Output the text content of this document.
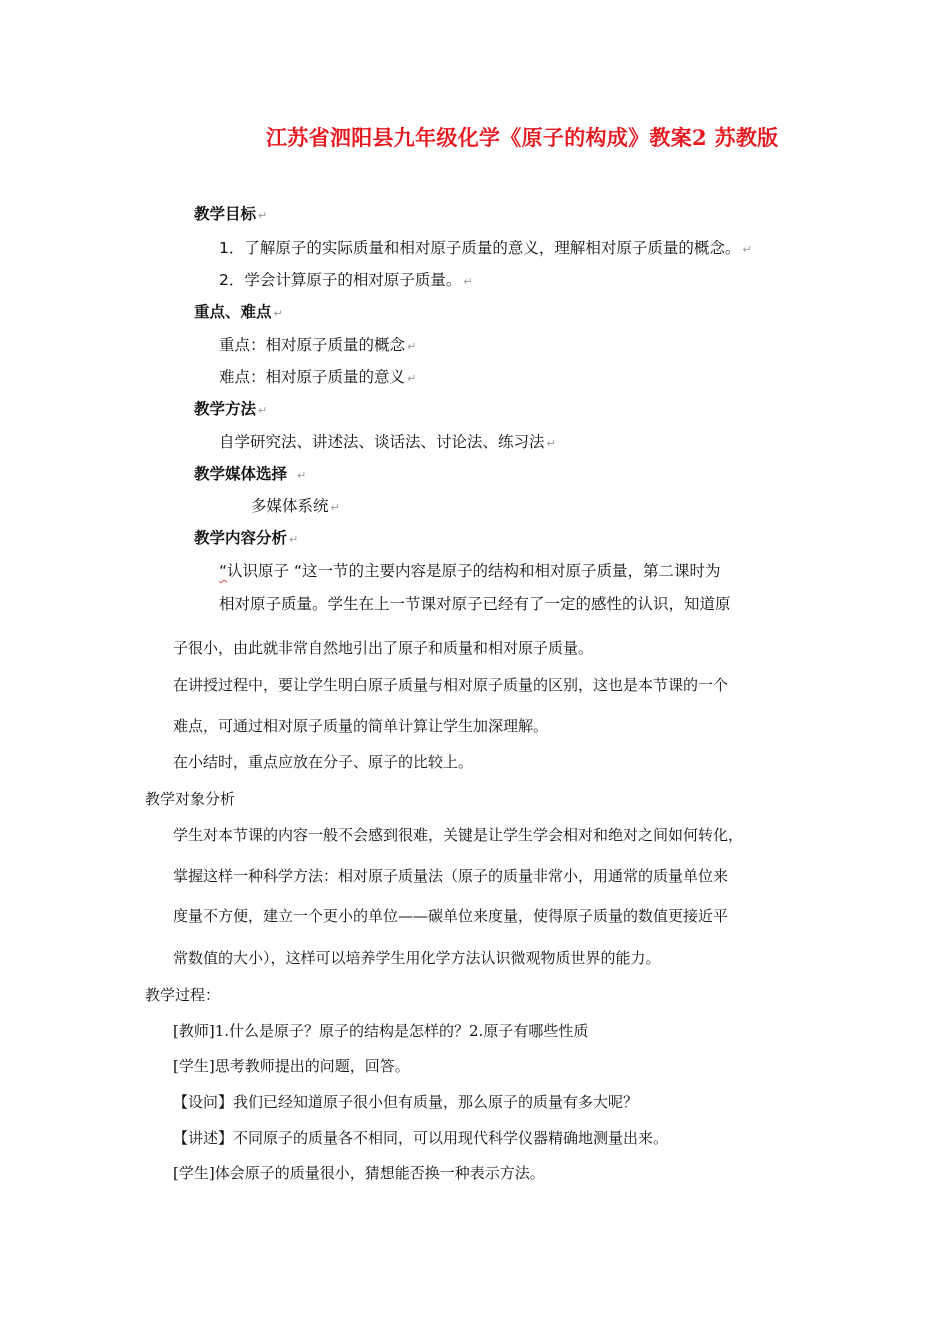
江苏省泗阳县九年级化学《原子的构成》教案2 苏教版
教学目标 ↵
1．了解原子的实际质量和相对原子质量的意义，理解相对原子质量的概念。 ↵
2．学会计算原子的相对原子质量。 ↵
重点、难点 ↵
重点：相对原子质量的概念 ↵
难点：相对原子质量的意义 ↵
教学方法 ↵
自学研究法、讲述法、谈话法、讨论法、练习法 ↵
教学媒体选择 ↵
多媒体系统 ↵
教学内容分析 ↵
“认识原子 “这一节的主要内容是原子的结构和相对原子质量，第二课时为
相对原子质量。学生在上一节课对原子已经有了一定的感性的认识，知道原
子很小，由此就非常自然地引出了原子和质量和相对原子质量。
在讲授过程中，要让学生明白原子质量与相对原子质量的区别，这也是本节课的一个
难点，可通过相对原子质量的简单计算让学生加深理解。
在小结时，重点应放在分子、原子的比较上。
教学对象分析
学生对本节课的内容一般不会感到很难，关键是让学生学会相对和绝对之间如何转化，
掌握这样一种科学方法：相对原子质量法（原子的质量非常小，用通常的质量单位来
度量不方便，建立一个更小的单位——碳单位来度量，使得原子质量的数值更接近平
常数值的大小），这样可以培养学生用化学方法认识微观物质世界的能力。
教学过程：
[教师]1.什么是原子？原子的结构是怎样的？2.原子有哪些性质
[学生]思考教师提出的问题，回答。
【设问】我们已经知道原子很小但有质量，那么原子的质量有多大呢？
【讲述】不同原子的质量各不相同，可以用现代科学仪器精确地测量出来。
[学生]体会原子的质量很小，猜想能否换一种表示方法。
